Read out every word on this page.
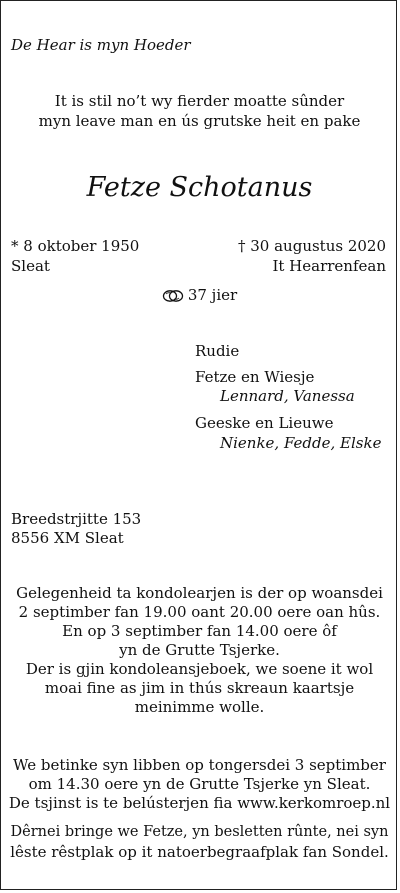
De Hear is myn Hoeder
It is stil no’t wy fierder moatte sûnder
myn leave man en ús grutske heit en pake
Fetze Schotanus
* 8 oktober 1950
Sleat
† 30 augustus 2020
It Hearrenfean
37 jier
Rudie
Fetze en Wiesje
Lennard, Vanessa
Geeske en Lieuwe
Nienke, Fedde, Elske
Breedstrjitte 153
8556 XM Sleat
Gelegenheid ta kondolearjen is der op woansdei
2 septimber fan 19.00 oant 20.00 oere oan hûs.
En op 3 septimber fan 14.00 oere ôf
yn de Grutte Tsjerke.
Der is gjin kondoleansjeboek, we soene it wol
moai fine as jim in thús skreaun kaartsje
meinimme wolle.
We betinke syn libben op tongersdei 3 septimber
om 14.30 oere yn de Grutte Tsjerke yn Sleat.
De tsjinst is te belústerjen fia www.kerkomroep.nl
Dêrnei bringe we Fetze, yn besletten rûnte, nei syn
lêste rêstplak op it natoerbegraafplak fan Sondel.
